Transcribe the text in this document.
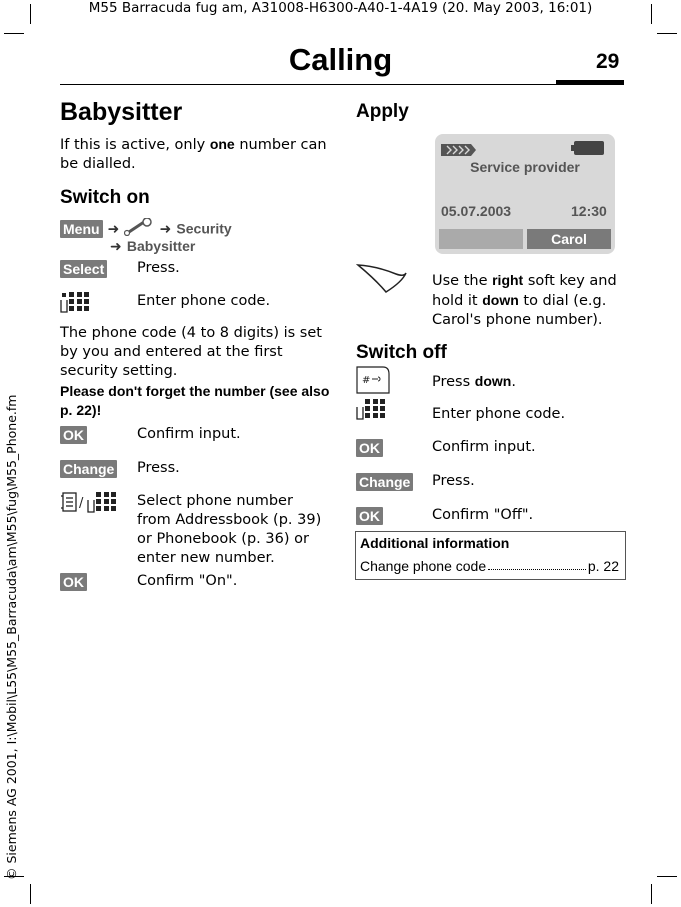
M55 Barracuda fug am, A31008-H6300-A40-1-4A19 (20. May 2003, 16:01)
Calling	29
© Siemens AG 2001, I:\Mobil\L55\M55_Barracuda\am\M55\fug\M55_Phone.fm
Babysitter
If this is active, only one number can
be dialled.
Switch on
Menu ➜	➜ Security
➜ Babysitter
Select Press.
Enter phone code.
The phone code (4 to 8 digits) is set
by you and entered at the first
security setting.
Please don't forget the number (see also
p. 22)!
OK	Confirm input.
Change Press.
/	Select phone number
from Addressbook (p. 39)
or Phonebook (p. 36) or
enter new number.
OK	Confirm "On".
Apply
Service provider
05.07.2003	12:30
Carol
Use the right soft key and
hold it down to dial (e.g.
Carol's phone number).
Switch off
#	Press down.
Enter phone code.
OK	Confirm input.
Change Press.
OK	Confirm "Off".
Additional information
Change phone code	p. 22
